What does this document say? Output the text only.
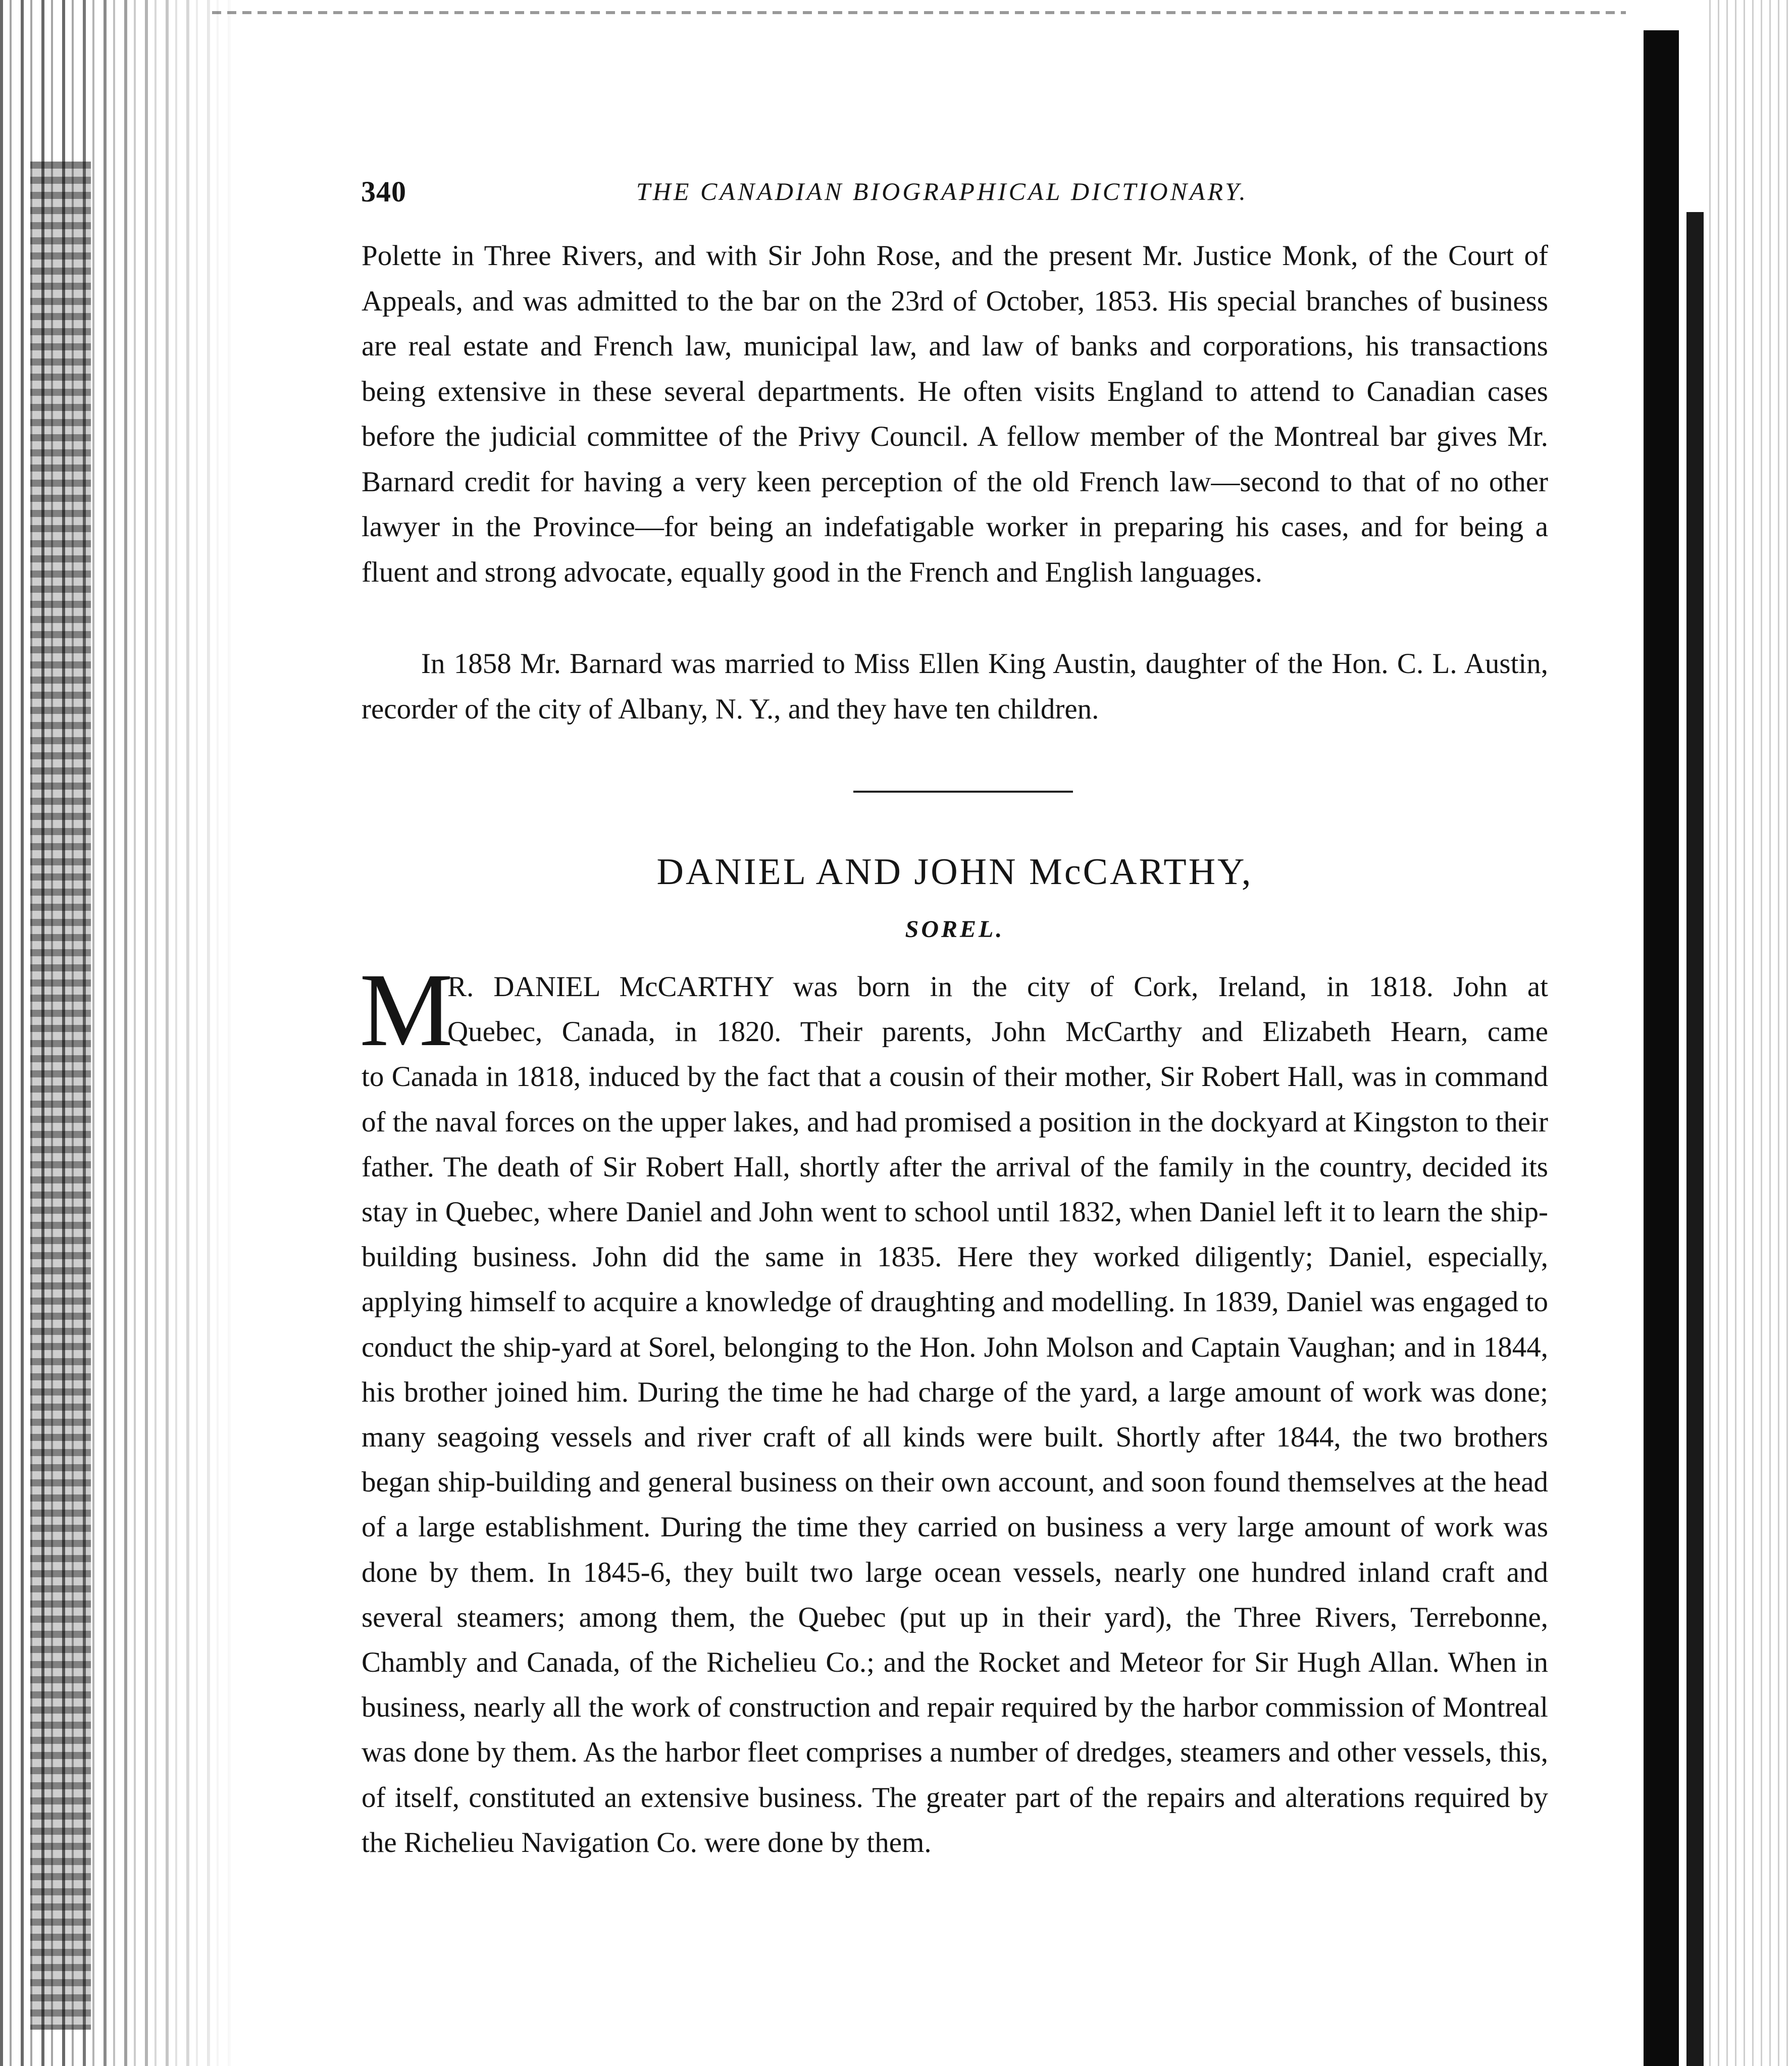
340	THE CANADIAN BIOGRAPHICAL DICTIONARY.

Polette in Three Rivers, and with Sir John Rose, and the present Mr. Justice Monk, of the Court of Appeals, and was admitted to the bar on the 23rd of October, 1853. His special branches of business are real estate and French law, municipal law, and law of banks and corporations, his transactions being extensive in these several departments. He often visits England to attend to Canadian cases before the judicial committee of the Privy Council. A fellow member of the Montreal bar gives Mr. Barnard credit for having a very keen perception of the old French law—second to that of no other lawyer in the Province—for being an indefatigable worker in preparing his cases, and for being a fluent and strong advocate, equally good in the French and English languages.

In 1858 Mr. Barnard was married to Miss Ellen King Austin, daughter of the Hon. C. L. Austin, recorder of the city of Albany, N. Y., and they have ten children.

DANIEL AND JOHN McCARTHY,
SOREL.
M
R. DANIEL McCARTHY was born in the city of Cork, Ireland, in 1818. John at
Quebec, Canada, in 1820. Their parents, John McCarthy and Elizabeth Hearn, came
to Canada in 1818, induced by the fact that a cousin of their mother, Sir Robert Hall, was in command of the naval forces on the upper lakes, and had promised a position in the dockyard at Kingston to their father. The death of Sir Robert Hall, shortly after the arrival of the family in the country, decided its stay in Quebec, where Daniel and John went to school until 1832, when Daniel left it to learn the ship-building business. John did the same in 1835. Here they worked diligently; Daniel, especially, applying himself to acquire a knowledge of draughting and modelling. In 1839, Daniel was engaged to conduct the ship-yard at Sorel, belonging to the Hon. John Molson and Captain Vaughan; and in 1844, his brother joined him. During the time he had charge of the yard, a large amount of work was done; many seagoing vessels and river craft of all kinds were built. Shortly after 1844, the two brothers began ship-building and general business on their own account, and soon found themselves at the head of a large establishment. During the time they carried on business a very large amount of work was done by them. In 1845-6, they built two large ocean vessels, nearly one hundred inland craft and several steamers; among them, the Quebec (put up in their yard), the Three Rivers, Terrebonne, Chambly and Canada, of the Richelieu Co.; and the Rocket and Meteor for Sir Hugh Allan. When in business, nearly all the work of construction and repair required by the harbor commission of Montreal was done by them. As the harbor fleet comprises a number of dredges, steamers and other vessels, this, of itself, constituted an extensive business. The greater part of the repairs and alterations required by the Richelieu Navigation Co. were done by them.
